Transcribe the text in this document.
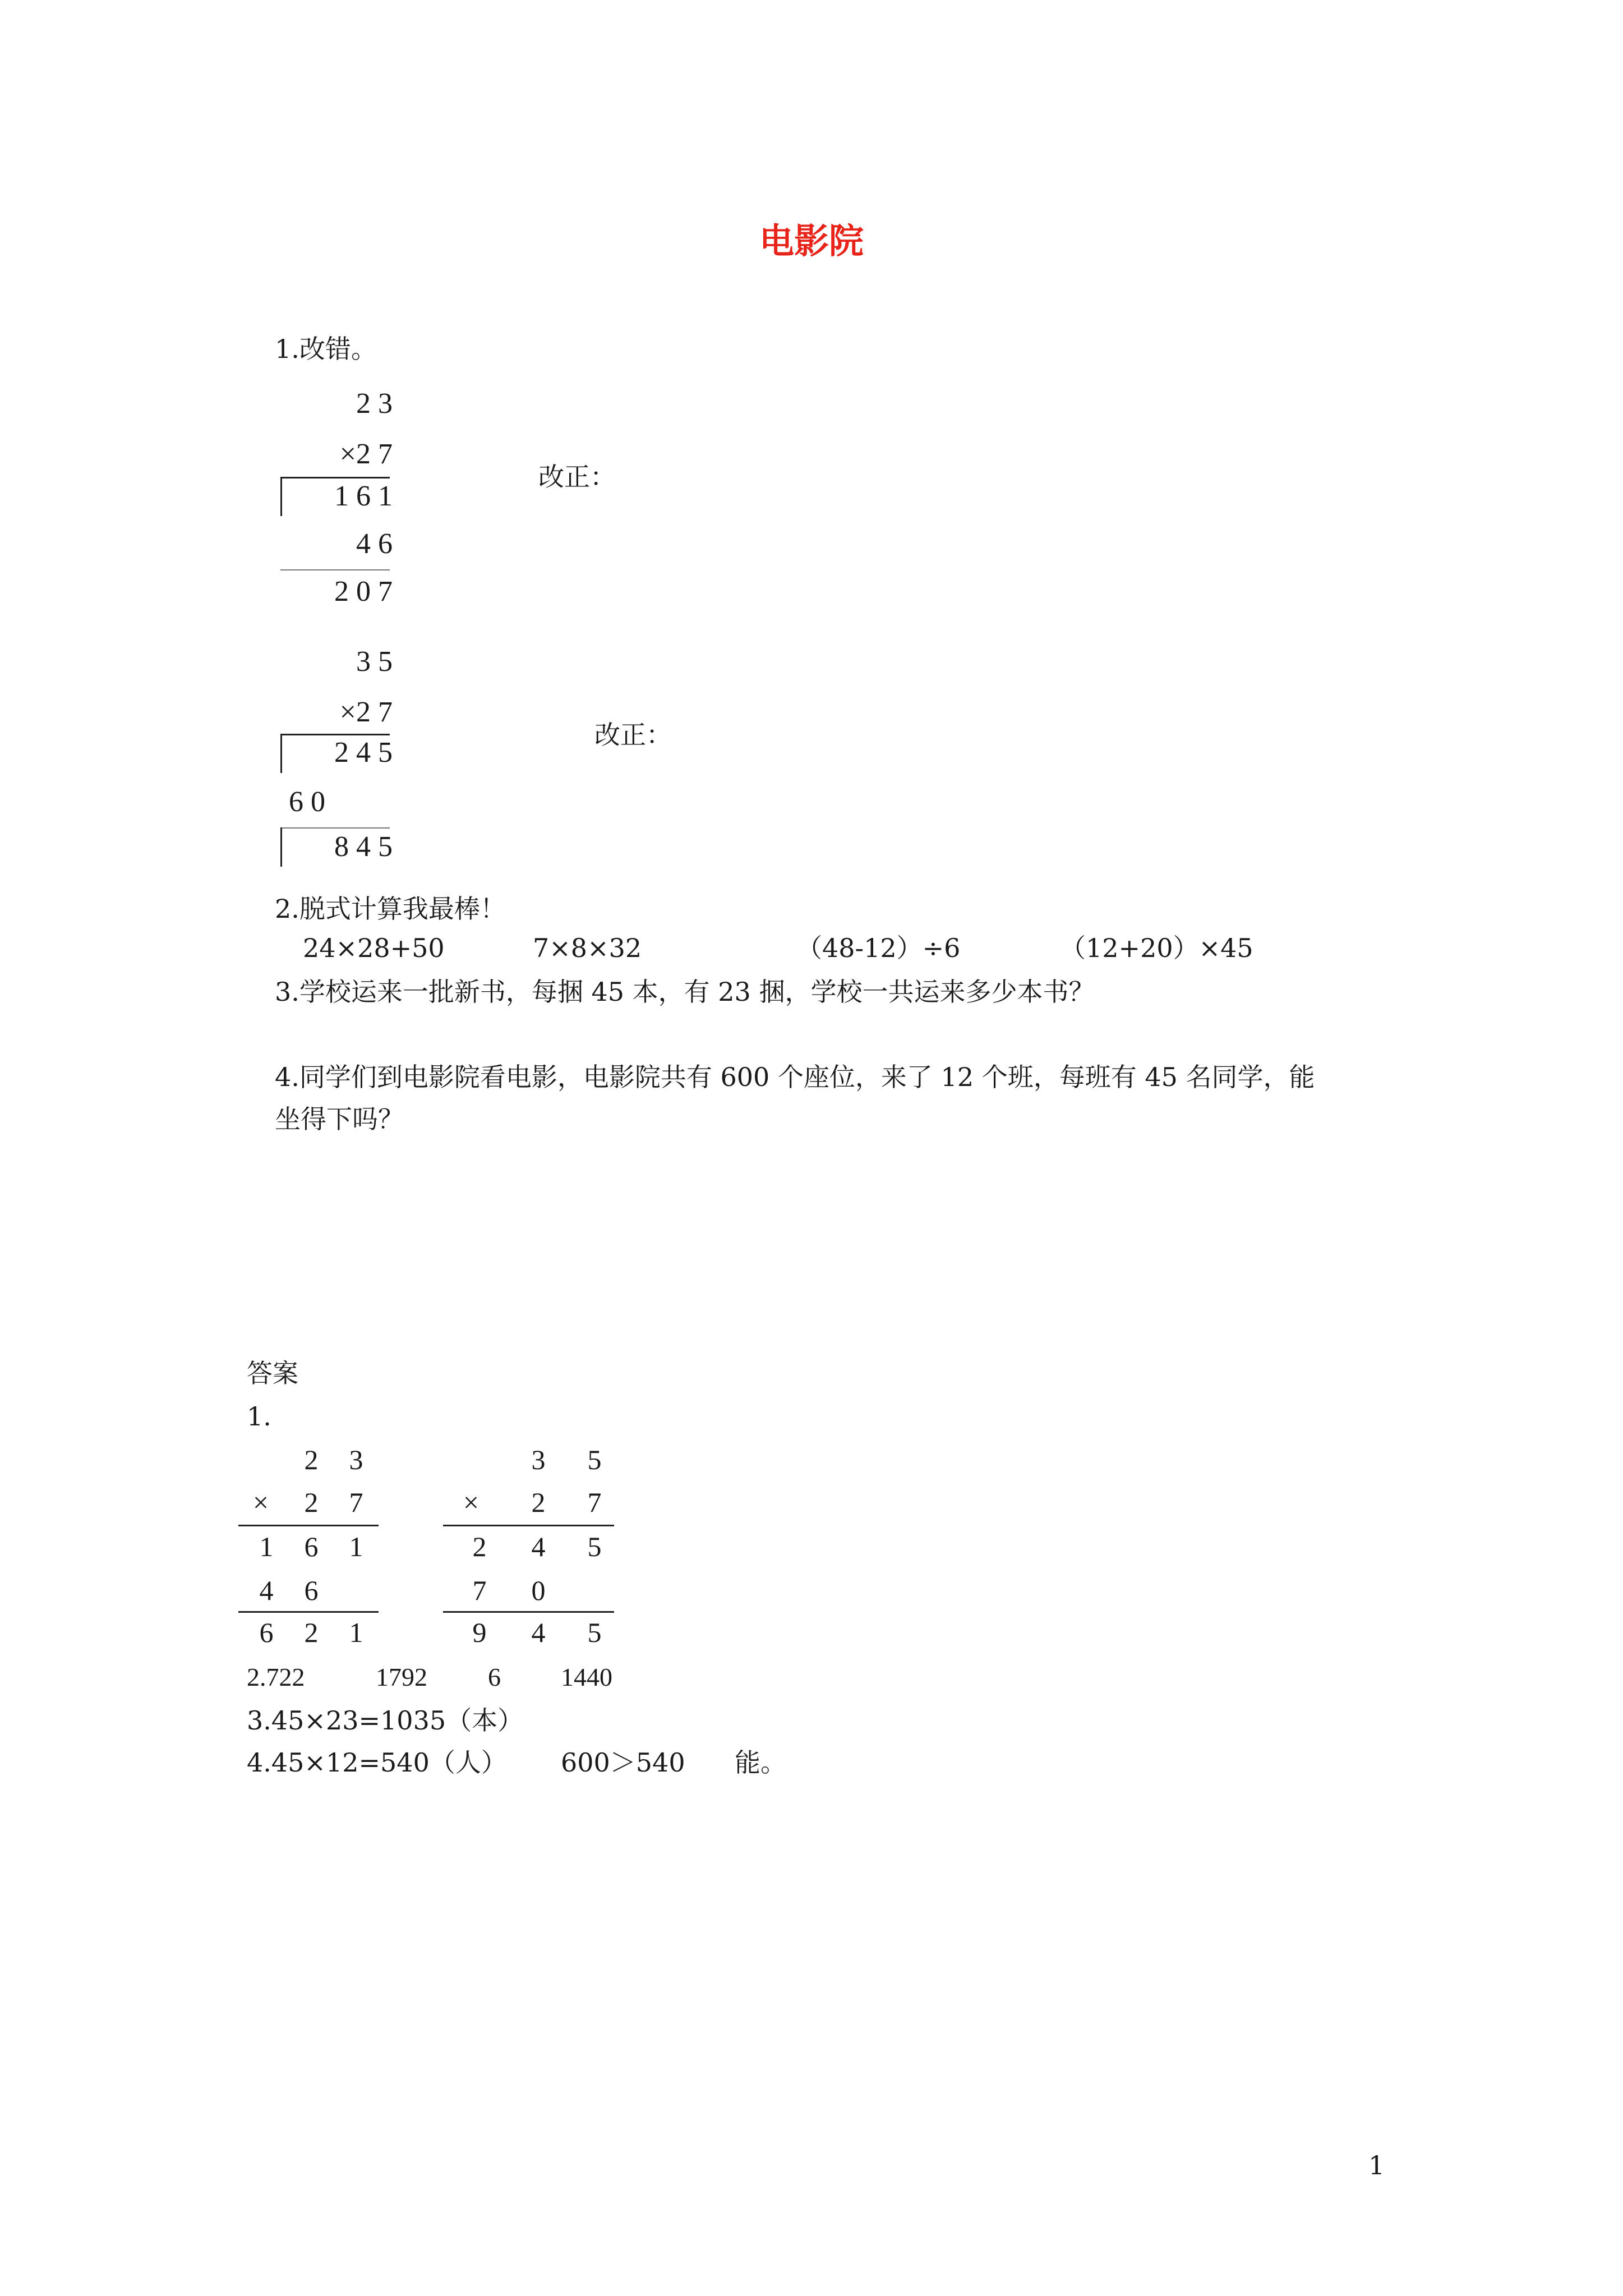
电影院
1.改错。
2 3
×2 7
1 6 1
4 6
2 0 7
改正：
3 5
×2 7
2 4 5
6 0
8 4 5
改正：
2.脱式计算我最棒！
24×28+50	7×8×32	（48-12）÷6	（12+20）×45
3.学校运来一批新书，每捆 45 本，有 23 捆，学校一共运来多少本书？
4.同学们到电影院看电影，电影院共有 600 个座位，来了 12 个班，每班有 45 名同学，能
坐得下吗？
答案
1.
2	3
×	2	7
1	6	1
4	6
6	2	1
3	5
×	2	7
2	4	5
7	0
9	4	5
2.722	1792 6 1440
3.45×23=1035（本）
4.45×12=540（人） 600＞540 能。
1
